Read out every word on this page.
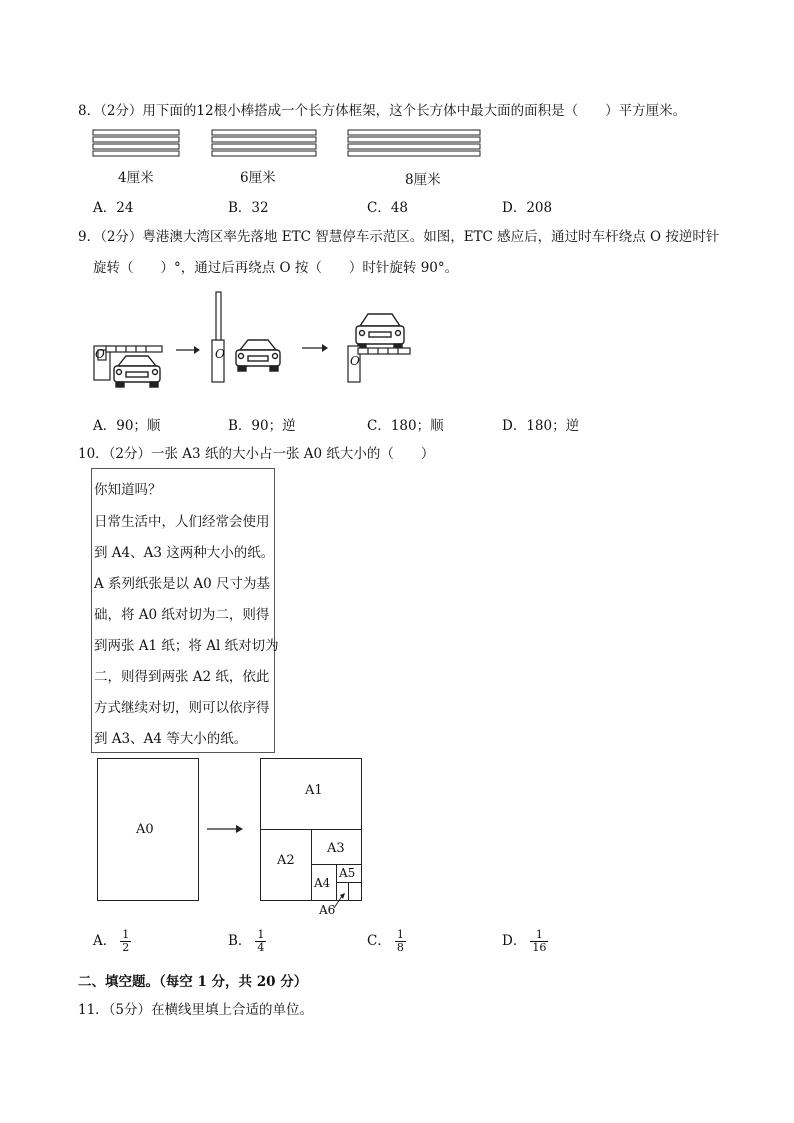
8．（2分）用下面的12根小棒搭成一个长方体框架，这个长方体中最大面的面积是（　　）平方厘米。
4厘米	6厘米	8厘米
A．24	B．32	C．48	D．208
9．（2分）粤港澳大湾区率先落地 ETC 智慧停车示范区。如图，ETC 感应后，通过时车杆绕点 O 按逆时针
旋转（　　）°，通过后再绕点 O 按（　　）时针旋转 90°。
O	O	O
A．90；顺	B．90；逆	C．180；顺	D．180；逆
10．（2分）一张 A3 纸的大小占一张 A0 纸大小的（　　）
你知道吗？
日常生活中，人们经常会使用
到 A4、A3 这两种大小的纸。
A 系列纸张是以 A0 尺寸为基
础，将 A0 纸对切为二，则得
到两张 A1 纸；将 Al 纸对切为
二，则得到两张 A2 纸，依此
方式继续对切，则可以依序得
到 A3、A4 等大小的纸。
A0
A1
A2
A3
A4
A5
A6
A． $\frac{1}{2}$	B． $\frac{1}{4}$	C． $\frac{1}{8}$	D． $\frac{1}{16}$
二、填空题。（每空 1 分，共 20 分）
11．（5分）在横线里填上合适的单位。
